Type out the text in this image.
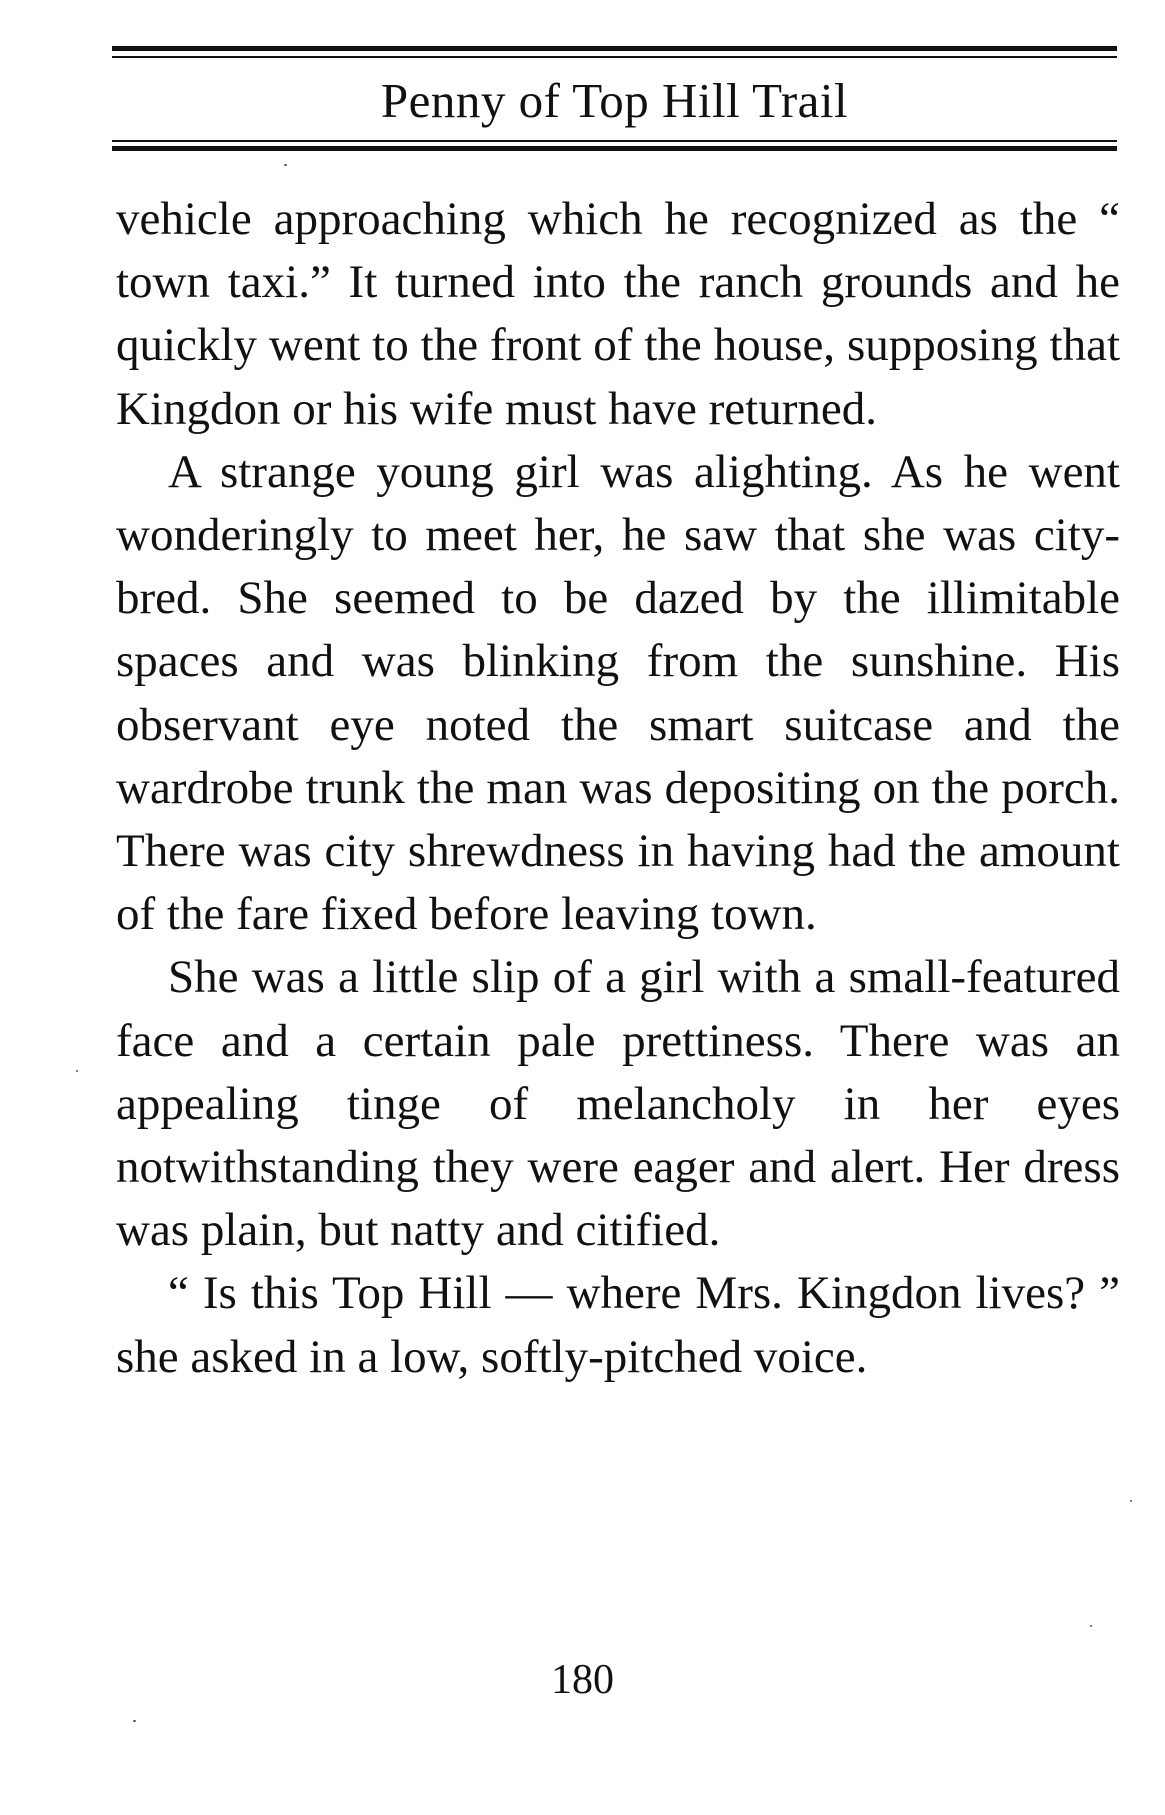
Penny of Top Hill Trail

vehicle approaching which he recognized as the “ town taxi.” It turned into the ranch grounds and he quickly went to the front of the house, supposing that Kingdon or his wife must have returned.

A strange young girl was alighting. As he went wonderingly to meet her, he saw that she was city-bred. She seemed to be dazed by the illimitable spaces and was blinking from the sunshine. His observant eye noted the smart suitcase and the wardrobe trunk the man was depositing on the porch. There was city shrewdness in having had the amount of the fare fixed before leaving town.

She was a little slip of a girl with a small-featured face and a certain pale prettiness. There was an appealing tinge of melancholy in her eyes notwithstanding they were eager and alert. Her dress was plain, but natty and citified.

“ Is this Top Hill — where Mrs. Kingdon lives? ” she asked in a low, softly-pitched voice.

180
